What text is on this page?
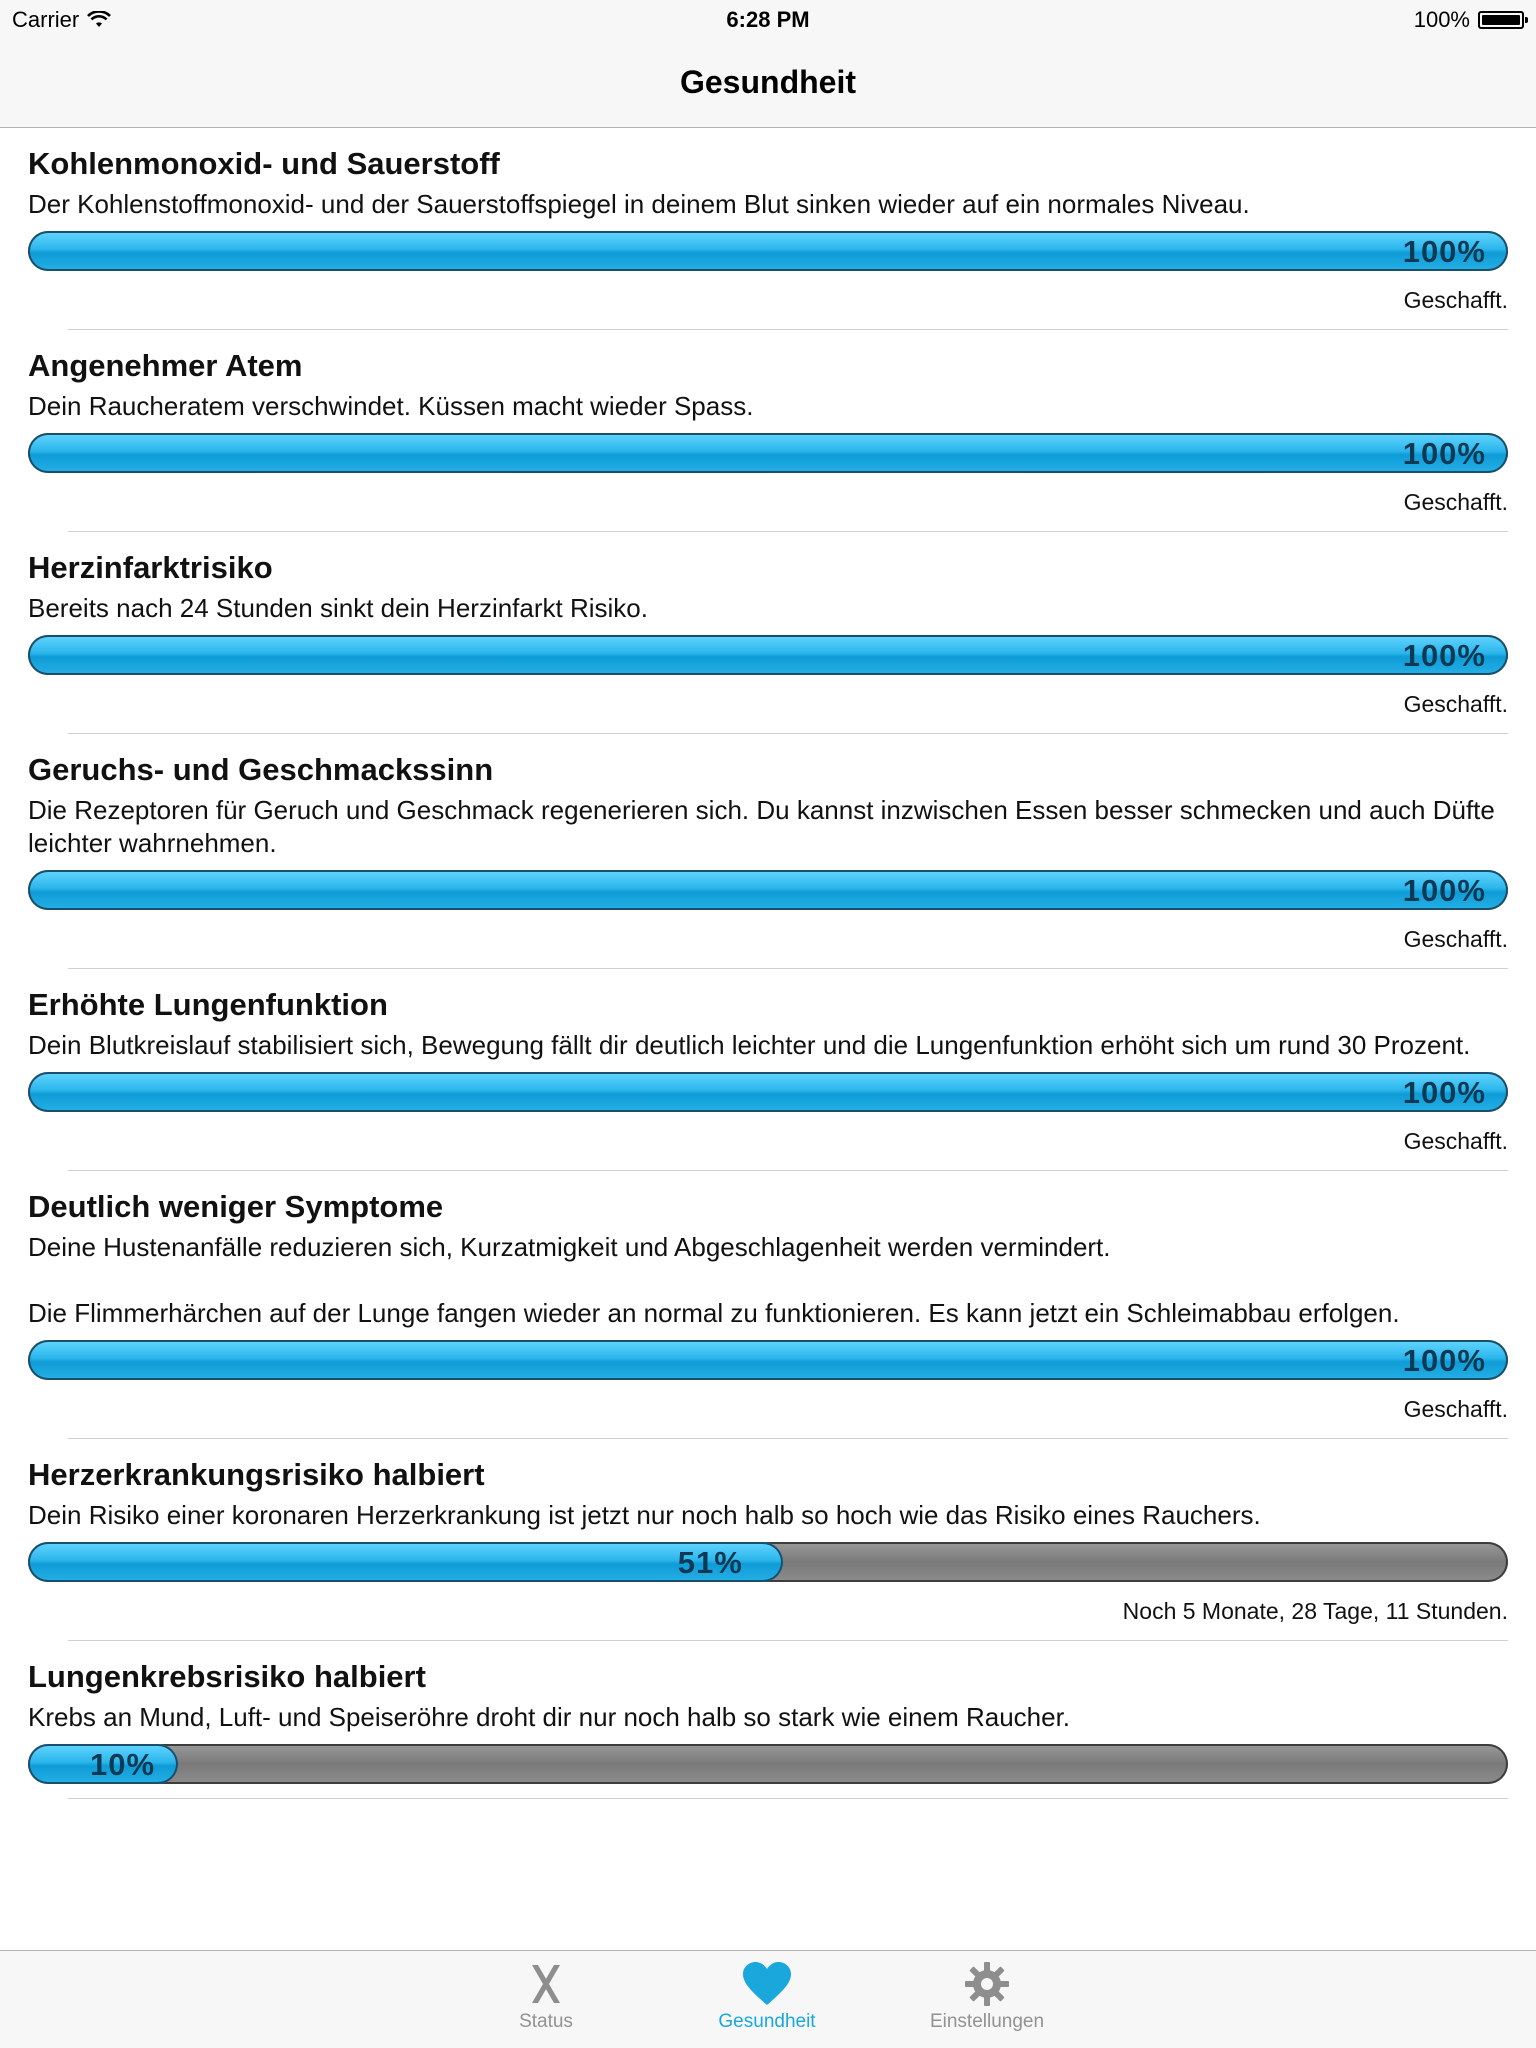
Gesundheit
Carrier	6:28 PM	100%
Kohlenmonoxid- und Sauerstoff
Der Kohlenstoffmonoxid- und der Sauerstoffspiegel in deinem Blut sinken wieder auf ein normales Niveau.
100%
Geschafft.
Angenehmer Atem
Dein Raucheratem verschwindet. Küssen macht wieder Spass.
100%
Geschafft.
Herzinfarktrisiko
Bereits nach 24 Stunden sinkt dein Herzinfarkt Risiko.
100%
Geschafft.
Geruchs- und Geschmackssinn
Die Rezeptoren für Geruch und Geschmack regenerieren sich. Du kannst inzwischen Essen besser schmecken und auch Düfte leichter wahrnehmen.
100%
Geschafft.
Erhöhte Lungenfunktion
Dein Blutkreislauf stabilisiert sich, Bewegung fällt dir deutlich leichter und die Lungenfunktion erhöht sich um rund 30 Prozent.
100%
Geschafft.
Deutlich weniger Symptome
Deine Hustenanfälle reduzieren sich, Kurzatmigkeit und Abgeschlagenheit werden vermindert.

Die Flimmerhärchen auf der Lunge fangen wieder an normal zu funktionieren. Es kann jetzt ein Schleimabbau erfolgen.
100%
Geschafft.
Herzerkrankungsrisiko halbiert
Dein Risiko einer koronaren Herzerkrankung ist jetzt nur noch halb so hoch wie das Risiko eines Rauchers.
51%
Noch 5 Monate, 28 Tage, 11 Stunden.
Lungenkrebsrisiko halbiert
Krebs an Mund, Luft- und Speiseröhre droht dir nur noch halb so stark wie einem Raucher.
10%
Status	Gesundheit	Einstellungen
